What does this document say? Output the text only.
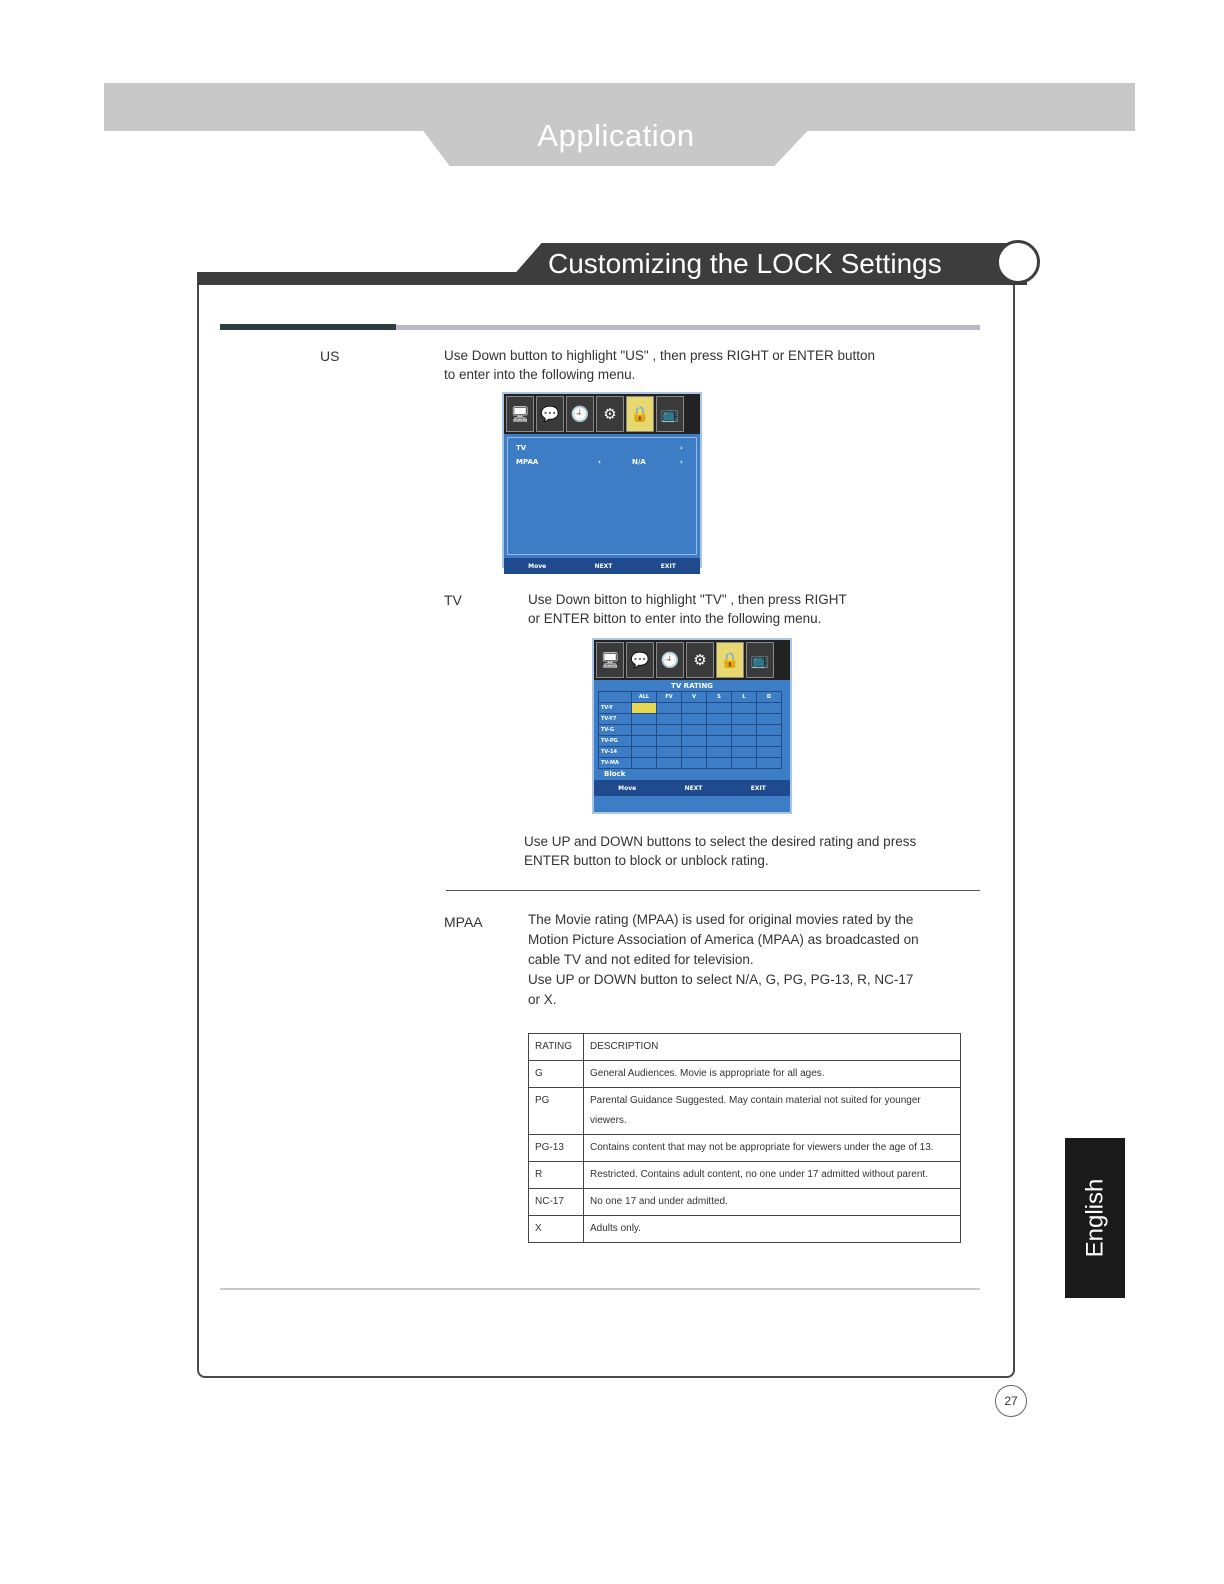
Application
Customizing the LOCK Settings
US	Use Down button to highlight "US" , then press RIGHT or ENTER button
to enter into the following menu.
🖥 💬 🕘 ⚙ 🔒 📺
TV	›
MPAA	‹	N/A	›
Move	NEXT	EXIT
TV	Use Down bitton to highlight "TV" , then press RIGHT
or ENTER bitton to enter into the following menu.
🖥 💬 🕘 ⚙ 🔒 📺
TV RATING
	ALL	FV	V	S	L	D
TV-Y						
TV-Y7						
TV-G						
TV-PG						
TV-14						
TV-MA						
Block
Move	NEXT	EXIT
Use UP and DOWN buttons to select the desired rating and press
ENTER button to block or unblock rating.
MPAA	The Movie rating (MPAA) is used for original movies rated by the
Motion Picture Association of America (MPAA) as broadcasted on
cable TV and not edited for television.
Use UP or DOWN button to select N/A, G, PG, PG-13, R, NC-17
or X.
RATING	DESCRIPTION
G	General Audiences. Movie is appropriate for all ages.
PG	Parental Guidance Suggested. May contain material not suited for younger viewers.
PG-13	Contains content that may not be appropriate for viewers under the age of 13.
R	Restricted. Contains adult content, no one under 17 admitted without parent.
NC-17	No one 17 and under admitted.
X	Adults only.	English
27
